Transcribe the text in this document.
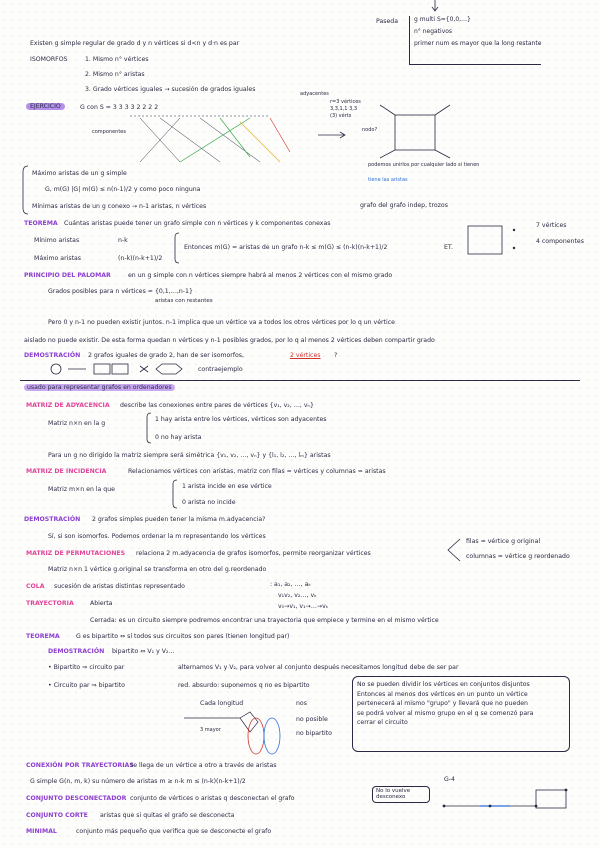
Paseda	g multi S={0,0,…}
n° negativos
primer num es mayor que la long restante
Existen g simple regular de grado d y n vértices si d<n y d·n es par
ISOMORFOS	1. Mismo n° vértices
2. Mismo n° aristas
3. Grado vértices iguales → sucesión de grados iguales
EJERCICIO	G con S = 3 3 3 3 2 2 2 2
adyacentes
r=3 vértices
3,3,1,1 3,3
(3) vérts
componentes	nodo?
podemos unirlos por cualquier lado si tienen
tiene las aristas
Máximo aristas de un g simple
G, m(G) |G| m(G) ≤ n(n-1)/2 y como poco ninguna
Mínimas aristas de un g conexo → n-1 aristas, n vértices	grafo del grafo indep, trozos
TEOREMA Cuántas aristas puede tener un grafo simple con n vértices y k componentes conexas
Mínimo aristas	n-k
Máximo aristas	(n-k)(n-k+1)/2
Entonces m(G) = aristas de un grafo n-k ≤ m(G) ≤ (n-k)(n-k+1)/2	ET.
7 vértices
4 componentes
PRINCIPIO DEL PALOMAR	en un g simple con n vértices siempre habrá al menos 2 vértices con el mismo grado
Grados posibles para n vértices = {0,1,…,n-1}
aristas con restantes
Pero 0 y n-1 no pueden existir juntos. n-1 implica que un vértice va a todos los otros vértices por lo q un vértice
aislado no puede existir. De esta forma quedan n vértices y n-1 posibles grados, por lo q al menos 2 vértices deben compartir grado
DEMOSTRACIÓN 2 grafos iguales de grado 2, han de ser isomorfos,	2 vértices ?
contraejemplo
usado para representar grafos en ordenadores
MATRIZ DE ADYACENCIA describe las conexiones entre pares de vértices {v₁, v₂, …, vₙ}
Matriz n×n en la g
1 hay arista entre los vértices, vértices son adyacentes
0 no hay arista
Para un g no dirigido la matriz siempre será simétrica {v₁, v₂, …, vₙ} y {l₁, l₂, …, lₘ} aristas
MATRIZ DE INCIDENCIA	Relacionamos vértices con aristas, matriz con filas = vértices y columnas = aristas
Matriz m×n en la que	1 arista incide en ese vértice
0 arista no incide
DEMOSTRACIÓN 2 grafos simples pueden tener la misma m.adyacencia?
Sí, si son isomorfos. Podemos ordenar la m representando los vértices
MATRIZ DE PERMUTACIONES relaciona 2 m.adyacencia de grafos isomorfos, permite reorganizar vértices
filas = vértice g original
columnas = vértice g reordenado
Matriz n×n 1 vértice g.original se transforma en otro del g.reordenado
COLA sucesión de aristas distintas representado	: a₁, a₂, …, aₖ
v₁v₂, v₂…, vₖ
v₀→v₁, v₁→…→vₖ
TRAYECTORIA	Abierta
Cerrada: es un circuito siempre podremos encontrar una trayectoria que empiece y termine en el mismo vértice
TEOREMA	G es bipartito ⇔ sí todos sus circuitos son pares (tienen longitud par)
DEMOSTRACIÓN bipartito ⇔ V₁ y V₂…
• Bipartito ⇒ circuito par	alternamos V₁ y V₂, para volver al conjunto después necesitamos longitud debe de ser par
• Circuito par ⇒ bipartito	red. absurdo: suponemos q no es bipartito
Cada longitud
3 mayor
nos
no posible
no bipartito
No se pueden dividir los vértices en conjuntos disjuntos
Entonces al menos dos vértices en un punto un vértice
pertenecerá al mismo "grupo" y llevará que no pueden
se podrá volver al mismo grupo en el q se comenzó para
cerrar el circuito
CONEXIÓN POR TRAYECTORIAS
se llega de un vértice a otro a través de aristas
G simple G(n, m, k) su número de aristas m ≥ n-k m ≤ (n-k)(n-k+1)/2
CONJUNTO DESCONECTADOR conjunto de vértices o aristas q desconectan el grafo
No lo vuelve desconexo
CONJUNTO CORTE aristas que si quitas el grafo se desconecta
MINIMAL	conjunto más pequeño que verifica que se desconecte el grafo
G-4
